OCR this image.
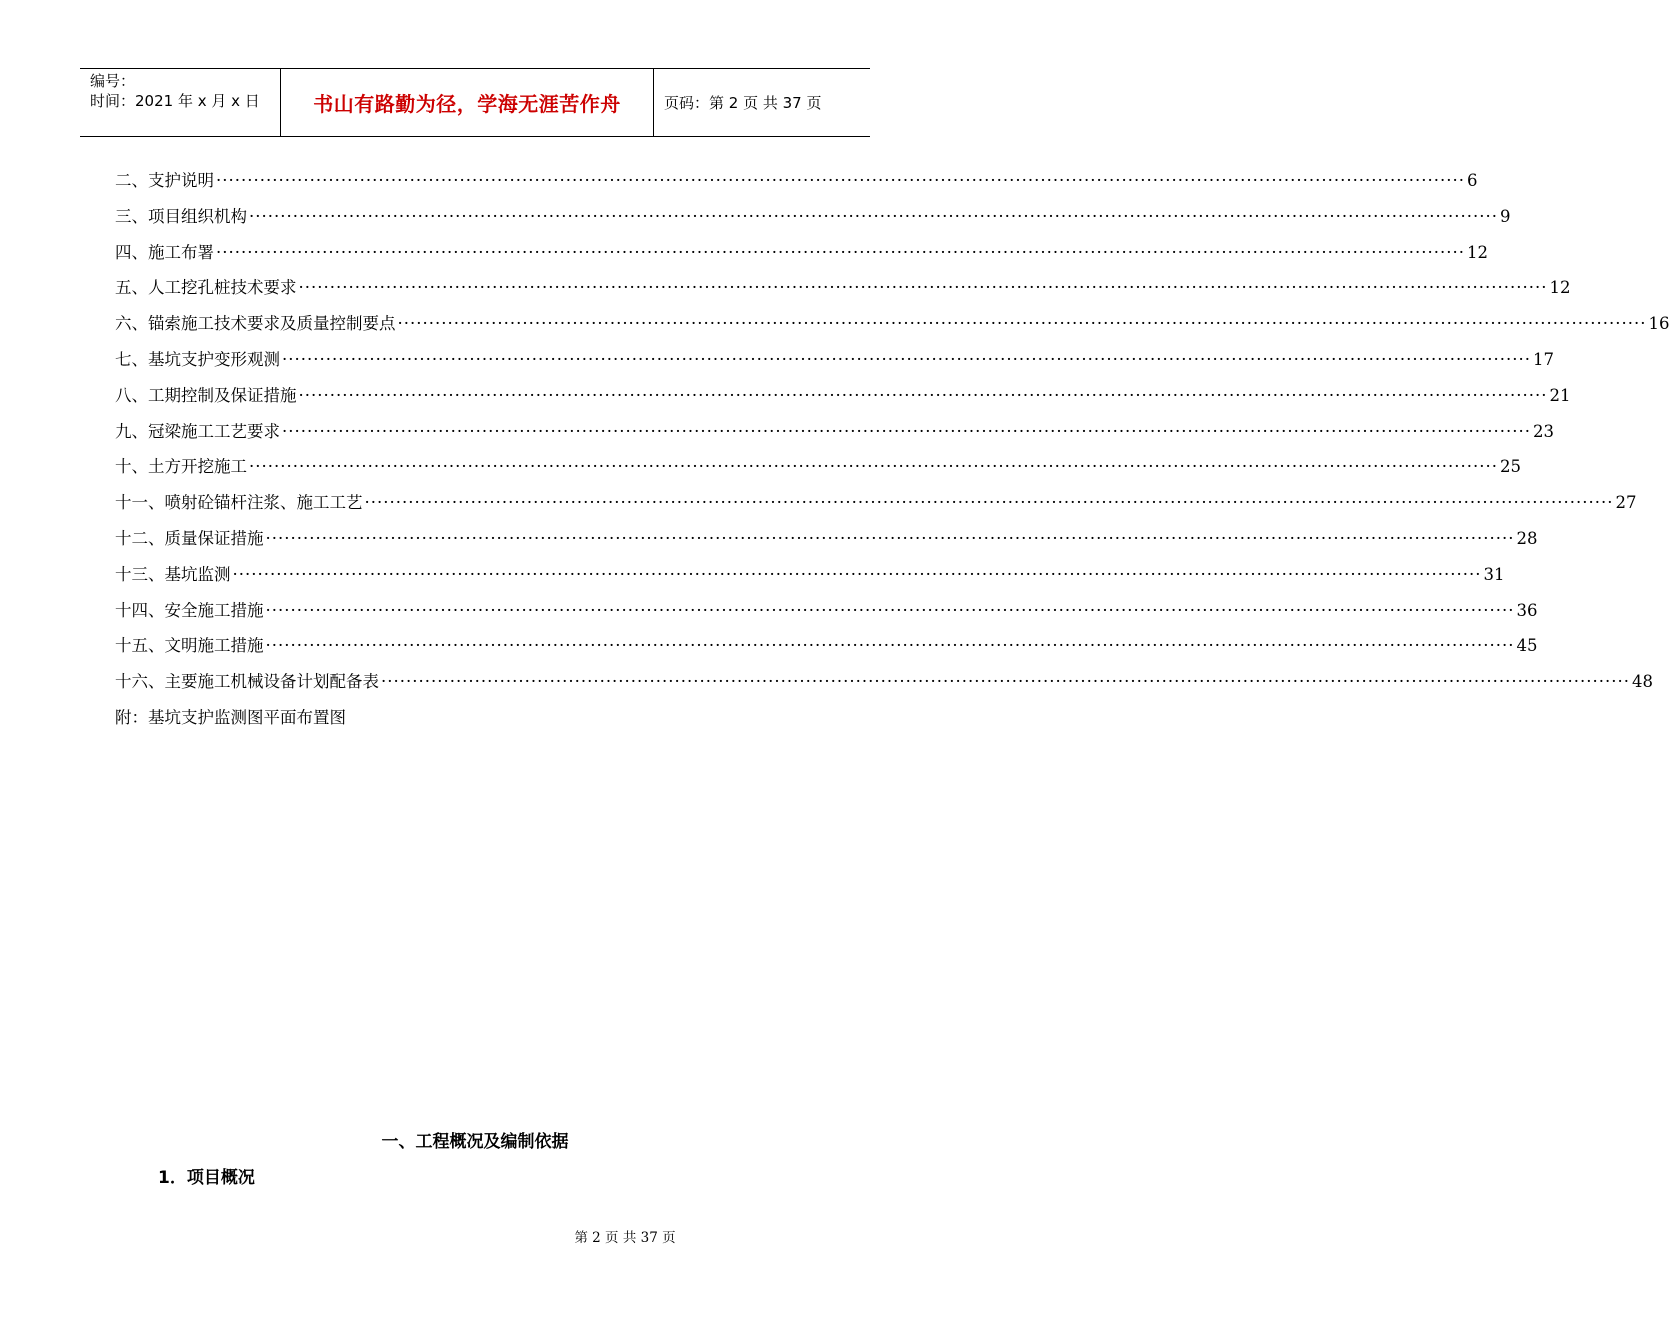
编号：
时间：2021 年 x 月 x 日	书山有路勤为径，学海无涯苦作舟	页码：第 2 页 共 37 页
二、支护说明 ········································································································································································································ 6
三、项目组织机构 ········································································································································································································ 9
四、施工布署 ········································································································································································································ 12
五、人工挖孔桩技术要求 ········································································································································································································ 12
六、锚索施工技术要求及质量控制要点 ········································································································································································································ 16
七、基坑支护变形观测 ········································································································································································································ 17
八、工期控制及保证措施 ········································································································································································································ 21
九、冠梁施工工艺要求 ········································································································································································································ 23
十、土方开挖施工 ········································································································································································································ 25
十一、喷射砼锚杆注浆、施工工艺 ········································································································································································································ 27
十二、质量保证措施 ········································································································································································································ 28
十三、基坑监测 ········································································································································································································ 31
十四、安全施工措施 ········································································································································································································ 36
十五、文明施工措施 ········································································································································································································ 45
十六、主要施工机械设备计划配备表 ········································································································································································································ 48
附：基坑支护监测图平面布置图
一、工程概况及编制依据
1．项目概况
第 2 页 共 37 页
